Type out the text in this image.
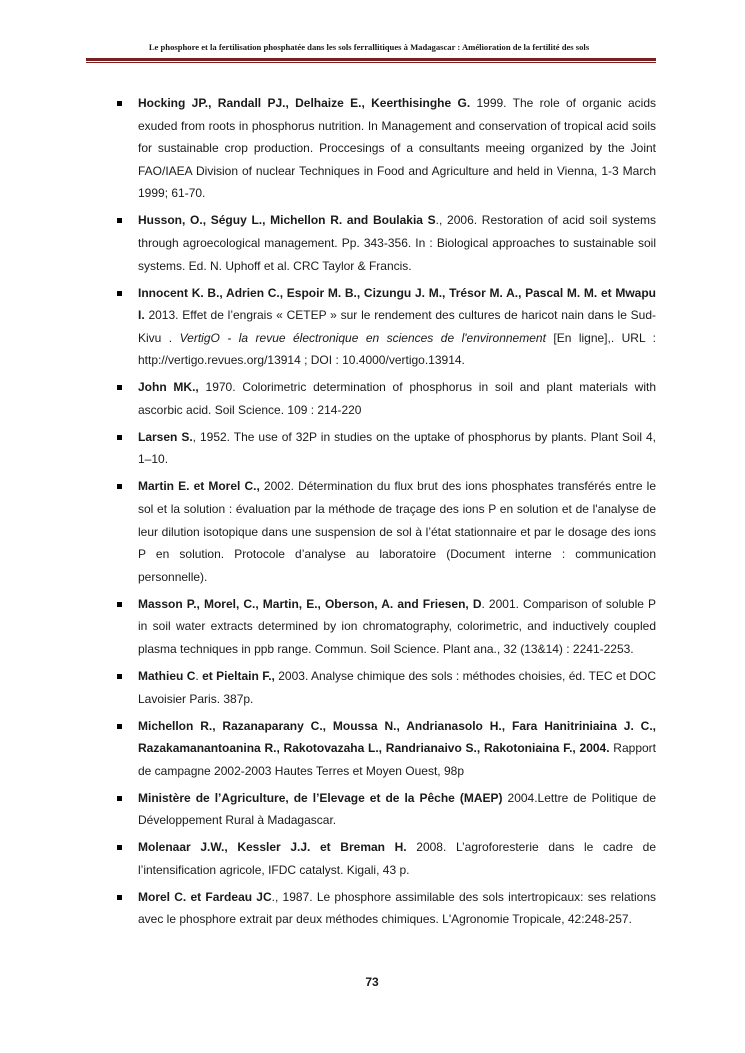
Le phosphore et la fertilisation phosphatée dans les sols ferrallitiques à Madagascar : Amélioration de la fertilité des sols
Hocking JP., Randall PJ., Delhaize E., Keerthisinghe G. 1999. The role of organic acids exuded from roots in phosphorus nutrition. In Management and conservation of tropical acid soils for sustainable crop production. Proccesings of a consultants meeing organized by the Joint FAO/IAEA Division of nuclear Techniques in Food and Agriculture and held in Vienna, 1-3 March 1999; 61-70.
Husson, O., Séguy L., Michellon R. and Boulakia S., 2006. Restoration of acid soil systems through agroecological management. Pp. 343-356. In : Biological approaches to sustainable soil systems. Ed. N. Uphoff et al. CRC Taylor & Francis.
Innocent K. B., Adrien C., Espoir M. B., Cizungu J. M., Trésor M. A., Pascal M. M. et Mwapu I. 2013. Effet de l’engrais « CETEP » sur le rendement des cultures de haricot nain dans le Sud-Kivu . VertigO - la revue électronique en sciences de l'environnement [En ligne],. URL : http://vertigo.revues.org/13914 ; DOI : 10.4000/vertigo.13914.
John MK., 1970. Colorimetric determination of phosphorus in soil and plant materials with ascorbic acid. Soil Science. 109 : 214-220
Larsen S., 1952. The use of 32P in studies on the uptake of phosphorus by plants. Plant Soil 4, 1–10.
Martin E. et Morel C., 2002. Détermination du flux brut des ions phosphates transférés entre le sol et la solution : évaluation par la méthode de traçage des ions P en solution et de l'analyse de leur dilution isotopique dans une suspension de sol à l’état stationnaire et par le dosage des ions P en solution. Protocole d’analyse au laboratoire (Document interne : communication personnelle).
Masson P., Morel, C., Martin, E., Oberson, A. and Friesen, D. 2001. Comparison of soluble P in soil water extracts determined by ion chromatography, colorimetric, and inductively coupled plasma techniques in ppb range. Commun. Soil Science. Plant ana., 32 (13&14) : 2241-2253.
Mathieu C. et Pieltain F., 2003. Analyse chimique des sols : méthodes choisies, éd. TEC et DOC Lavoisier Paris. 387p.
Michellon R., Razanaparany C., Moussa N., Andrianasolo H., Fara Hanitriniaina J. C., Razakamanantoanina R., Rakotovazaha L., Randrianaivo S., Rakotoniaina F., 2004. Rapport de campagne 2002-2003 Hautes Terres et Moyen Ouest, 98p
Ministère de l’Agriculture, de l’Elevage et de la Pêche (MAEP) 2004.Lettre de Politique de Développement Rural à Madagascar.
Molenaar J.W., Kessler J.J. et Breman H. 2008. L’agroforesterie dans le cadre de l’intensification agricole, IFDC catalyst. Kigali, 43 p.
Morel C. et Fardeau JC., 1987. Le phosphore assimilable des sols intertropicaux: ses relations avec le phosphore extrait par deux méthodes chimiques. L'Agronomie Tropicale, 42:248-257.
73
